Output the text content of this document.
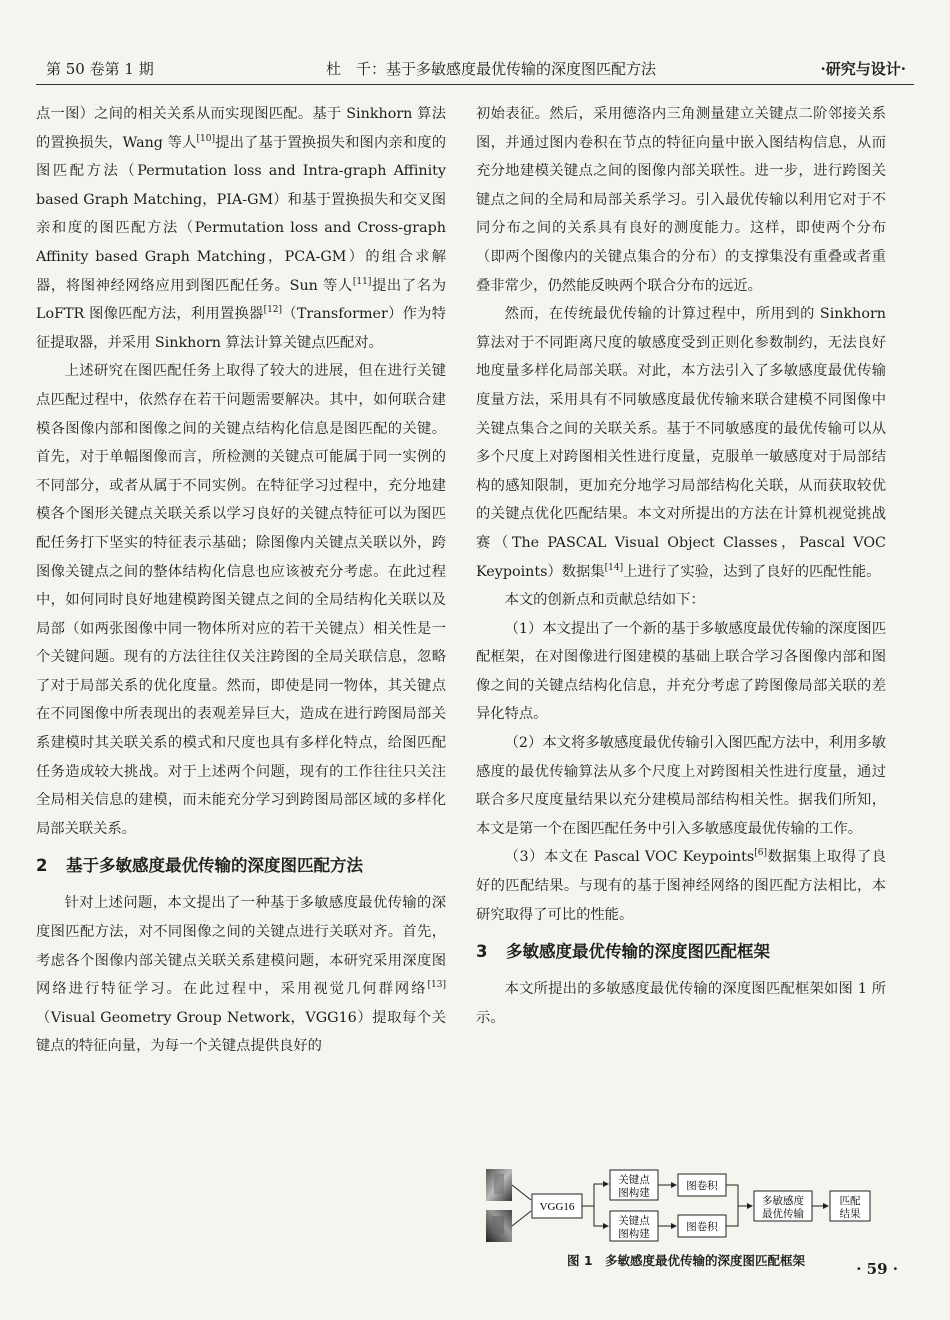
第 50 卷第 1 期	杜　千：基于多敏感度最优传输的深度图匹配方法	·研究与设计·

点一图）之间的相关关系从而实现图匹配。基于 Sinkhorn 算法的置换损失，Wang 等人[10]提出了基于置换损失和图内亲和度的图匹配方法（Permutation loss and Intra-graph Affinity based Graph Matching，PIA-GM）和基于置换损失和交叉图亲和度的图匹配方法（Permutation loss and Cross-graph Affinity based Graph Matching，PCA-GM）的组合求解器，将图神经网络应用到图匹配任务。Sun 等人[11]提出了名为 LoFTR 图像匹配方法，利用置换器[12]（Transformer）作为特征提取器，并采用 Sinkhorn 算法计算关键点匹配对。

上述研究在图匹配任务上取得了较大的进展，但在进行关键点匹配过程中，依然存在若干问题需要解决。其中，如何联合建模各图像内部和图像之间的关键点结构化信息是图匹配的关键。首先，对于单幅图像而言，所检测的关键点可能属于同一实例的不同部分，或者从属于不同实例。在特征学习过程中，充分地建模各个图形关键点关联关系以学习良好的关键点特征可以为图匹配任务打下坚实的特征表示基础；除图像内关键点关联以外，跨图像关键点之间的整体结构化信息也应该被充分考虑。在此过程中，如何同时良好地建模跨图关键点之间的全局结构化关联以及局部（如两张图像中同一物体所对应的若干关键点）相关性是一个关键问题。现有的方法往往仅关注跨图的全局关联信息，忽略了对于局部关系的优化度量。然而，即使是同一物体，其关键点在不同图像中所表现出的表观差异巨大，造成在进行跨图局部关系建模时其关联关系的模式和尺度也具有多样化特点，给图匹配任务造成较大挑战。对于上述两个问题，现有的工作往往只关注全局相关信息的建模，而未能充分学习到跨图局部区域的多样化局部关联关系。

2 基于多敏感度最优传输的深度图匹配方法

针对上述问题，本文提出了一种基于多敏感度最优传输的深度图匹配方法，对不同图像之间的关键点进行关联对齐。首先，考虑各个图像内部关键点关联关系建模问题，本研究采用深度图网络进行特征学习。在此过程中，采用视觉几何群网络[13]（Visual Geometry Group Network，VGG16）提取每个关键点的特征向量，为每一个关键点提供良好的

初始表征。然后，采用德洛内三角测量建立关键点二阶邻接关系图，并通过图内卷积在节点的特征向量中嵌入图结构信息，从而充分地建模关键点之间的图像内部关联性。进一步，进行跨图关键点之间的全局和局部关系学习。引入最优传输以利用它对于不同分布之间的关系具有良好的测度能力。这样，即使两个分布（即两个图像内的关键点集合的分布）的支撑集没有重叠或者重叠非常少，仍然能反映两个联合分布的远近。

然而，在传统最优传输的计算过程中，所用到的 Sinkhorn 算法对于不同距离尺度的敏感度受到正则化参数制约，无法良好地度量多样化局部关联。对此，本方法引入了多敏感度最优传输度量方法，采用具有不同敏感度最优传输来联合建模不同图像中关键点集合之间的关联关系。基于不同敏感度的最优传输可以从多个尺度上对跨图相关性进行度量，克服单一敏感度对于局部结构的感知限制，更加充分地学习局部结构化关联，从而获取较优的关键点优化匹配结果。本文对所提出的方法在计算机视觉挑战赛（The PASCAL Visual Object Classes，Pascal VOC Keypoints）数据集[14]上进行了实验，达到了良好的匹配性能。

本文的创新点和贡献总结如下：

（1）本文提出了一个新的基于多敏感度最优传输的深度图匹配框架，在对图像进行图建模的基础上联合学习各图像内部和图像之间的关键点结构化信息，并充分考虑了跨图像局部关联的差异化特点。

（2）本文将多敏感度最优传输引入图匹配方法中，利用多敏感度的最优传输算法从多个尺度上对跨图相关性进行度量，通过联合多尺度度量结果以充分建模局部结构相关性。据我们所知，本文是第一个在图匹配任务中引入多敏感度最优传输的工作。

（3）本文在 Pascal VOC Keypoints[6]数据集上取得了良好的匹配结果。与现有的基于图神经网络的图匹配方法相比，本研究取得了可比的性能。

3 多敏感度最优传输的深度图匹配框架

本文所提出的多敏感度最优传输的深度图匹配框架如图 1 所示。

VGG16
关键点
图构建
关键点
图构建
图卷积
图卷积
多敏感度
最优传输
匹配
结果
图 1　多敏感度最优传输的深度图匹配框架	· 59 ·
